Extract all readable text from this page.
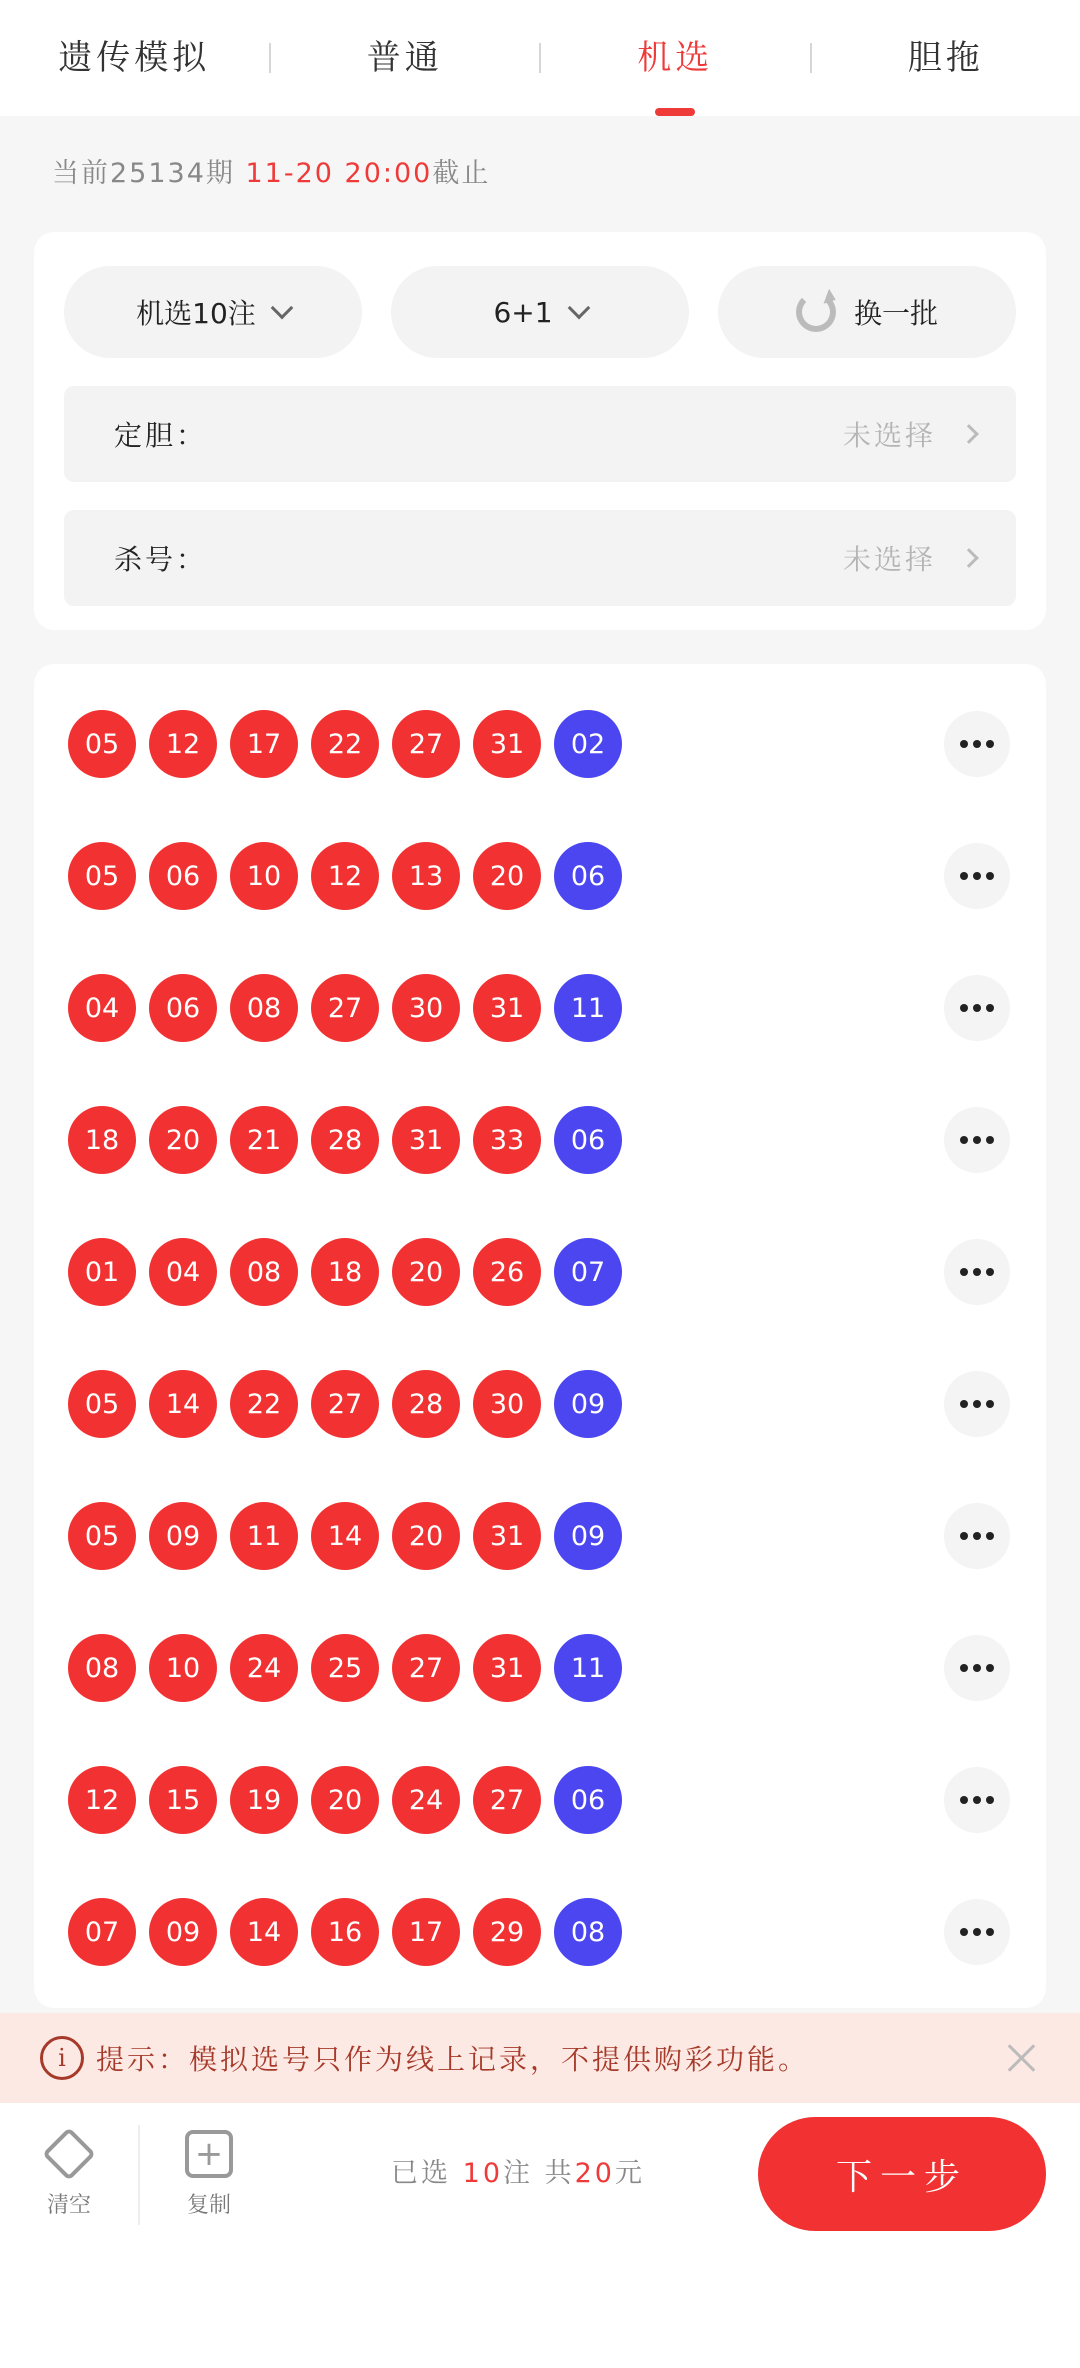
遗传模拟	普通	机选	胆拖
当前25134期 11-20 20:00截止
机选10注	6+1	换一批
定胆：	未选择
杀号：	未选择
05	12	17	22	27	31	02
05	06	10	12	13	20	06
04	06	08	27	30	31	11
18	20	21	28	31	33	06
01	04	08	18	20	26	07
05	14	22	27	28	30	09
05	09	11	14	20	31	09
08	10	24	25	27	31	11
12	15	19	20	24	27	06
07	09	14	16	17	29	08
i	提示：模拟选号只作为线上记录，不提供购彩功能。
清空
+
复制
已选 10注 共20元	下一步
